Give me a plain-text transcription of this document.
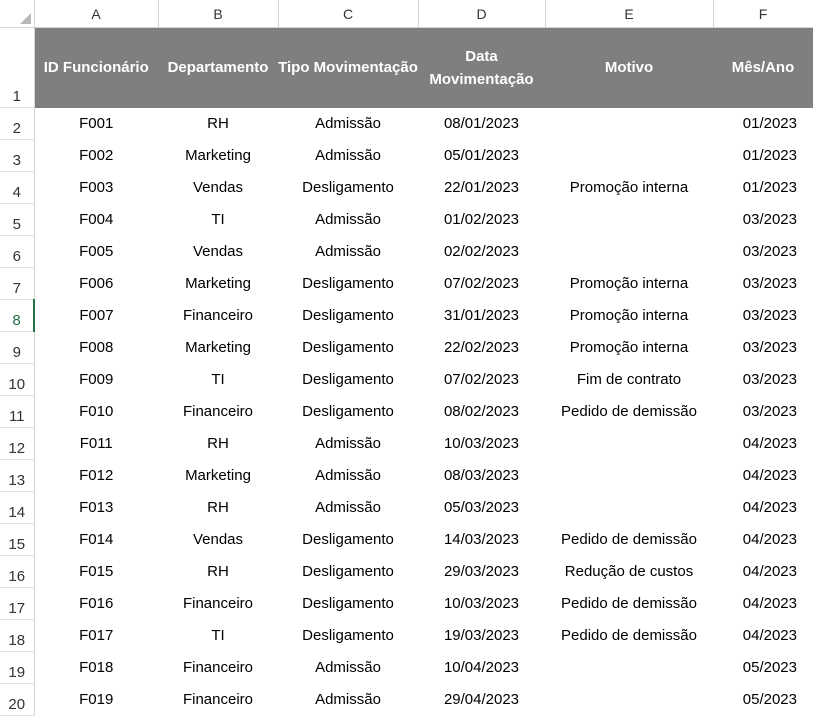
	A	B	C	D	E	F
1	ID Funcionário	Departamento	Tipo Movimentação	Data Movimentação	Motivo	Mês/Ano
2	F001	RH	Admissão	08/01/2023		01/2023
3	F002	Marketing	Admissão	05/01/2023		01/2023
4	F003	Vendas	Desligamento	22/01/2023	Promoção interna	01/2023
5	F004	TI	Admissão	01/02/2023		03/2023
6	F005	Vendas	Admissão	02/02/2023		03/2023
7	F006	Marketing	Desligamento	07/02/2023	Promoção interna	03/2023
8	F007	Financeiro	Desligamento	31/01/2023	Promoção interna	03/2023
9	F008	Marketing	Desligamento	22/02/2023	Promoção interna	03/2023
10	F009	TI	Desligamento	07/02/2023	Fim de contrato	03/2023
11	F010	Financeiro	Desligamento	08/02/2023	Pedido de demissão	03/2023
12	F011	RH	Admissão	10/03/2023		04/2023
13	F012	Marketing	Admissão	08/03/2023		04/2023
14	F013	RH	Admissão	05/03/2023		04/2023
15	F014	Vendas	Desligamento	14/03/2023	Pedido de demissão	04/2023
16	F015	RH	Desligamento	29/03/2023	Redução de custos	04/2023
17	F016	Financeiro	Desligamento	10/03/2023	Pedido de demissão	04/2023
18	F017	TI	Desligamento	19/03/2023	Pedido de demissão	04/2023
19	F018	Financeiro	Admissão	10/04/2023		05/2023
20	F019	Financeiro	Admissão	29/04/2023		05/2023
